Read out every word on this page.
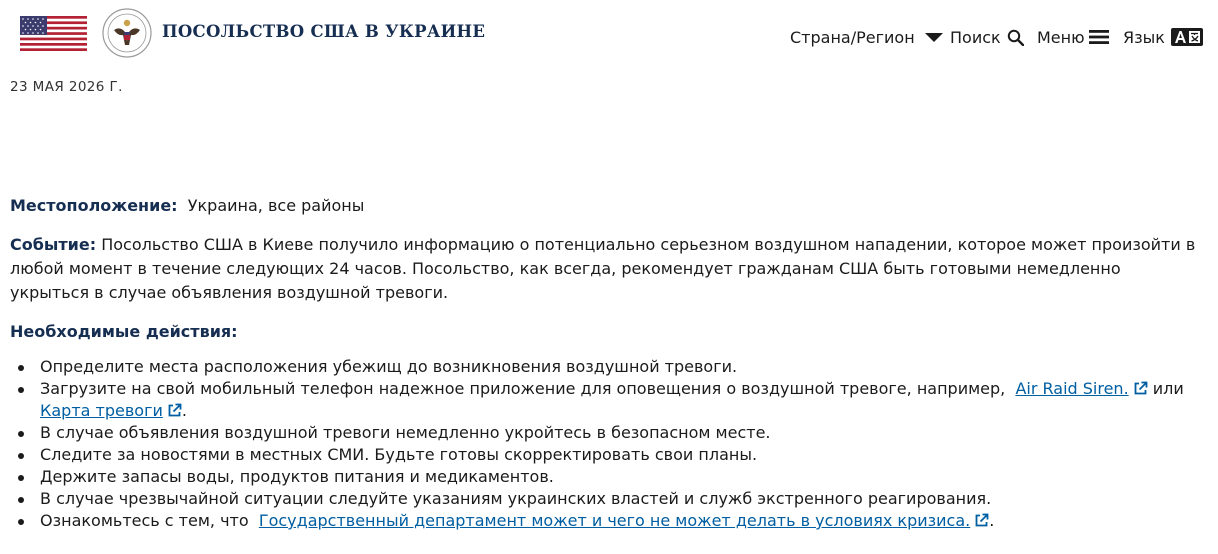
ПОСОЛЬСТВО США В УКРАИНЕ	Страна/Регион Поиск Меню Язык
23 МАЯ 2026 Г.

Местоположение: Украина, все районы

Событие: Посольство США в Киеве получило информацию о потенциально серьезном воздушном нападении, которое может произойти в любой момент в течение следующих 24 часов. Посольство, как всегда, рекомендует гражданам США быть готовыми немедленно укрыться в случае объявления воздушной тревоги.

Необходимые действия:

Определите места расположения убежищ до возникновения воздушной тревоги.
Загрузите на свой мобильный телефон надежное приложение для оповещения о воздушной тревоге, например, Air Raid Siren. или Карта тревоги .
В случае объявления воздушной тревоги немедленно укройтесь в безопасном месте.
Следите за новостями в местных СМИ. Будьте готовы скорректировать свои планы.
Держите запасы воды, продуктов питания и медикаментов.
В случае чрезвычайной ситуации следуйте указаниям украинских властей и служб экстренного реагирования.
Ознакомьтесь с тем, что Государственный департамент может и чего не может делать в условиях кризиса. .
